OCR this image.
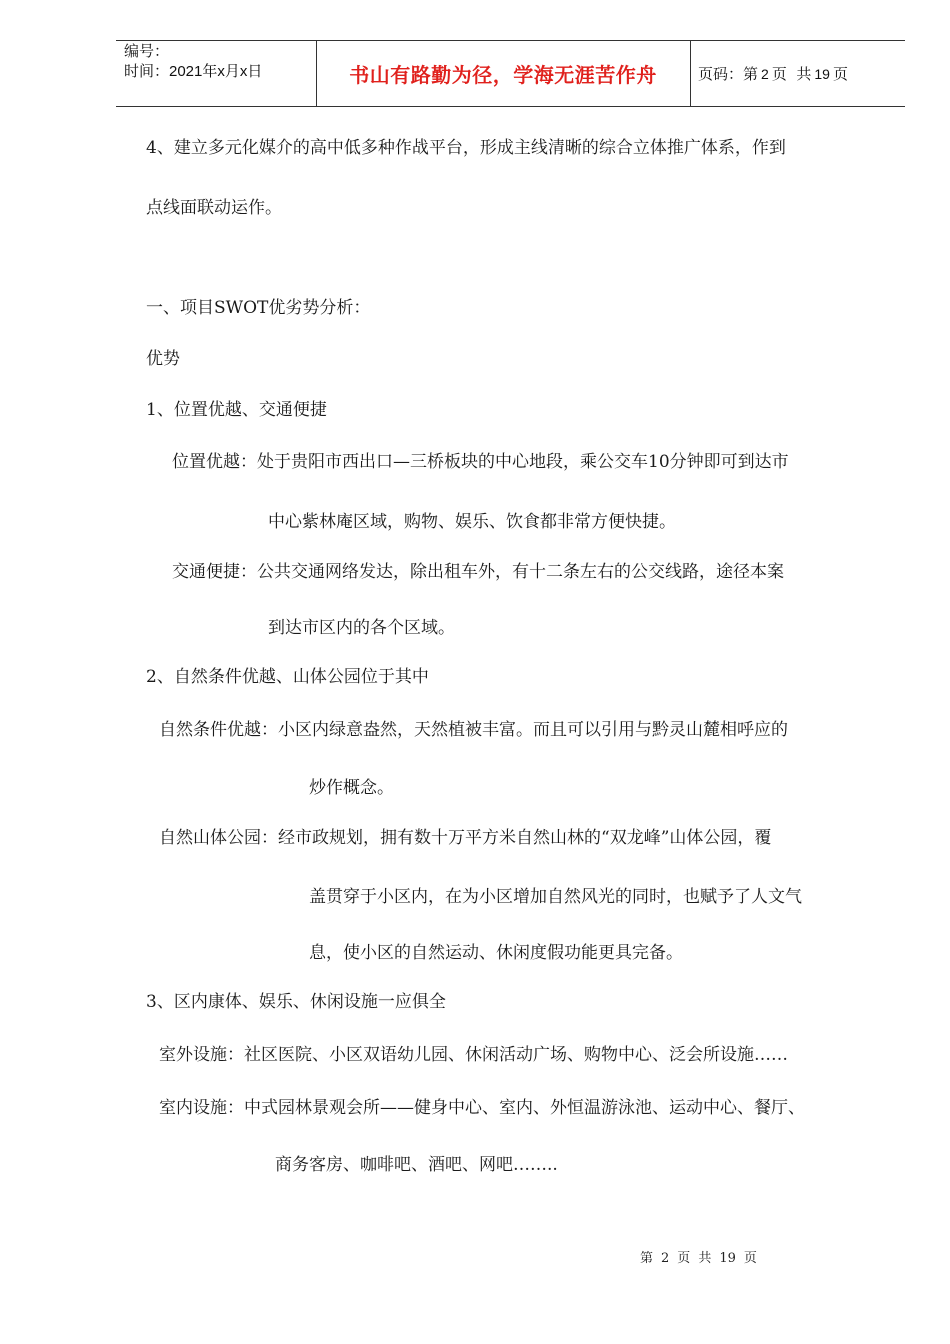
编号：
时间：2021年x月x日	书山有路勤为径，学海无涯苦作舟	页码：第 2 页  共 19 页
4、建立多元化媒介的高中低多种作战平台，形成主线清晰的综合立体推广体系，作到
点线面联动运作。
一、项目SWOT优劣势分析：
优势
1、位置优越、交通便捷
位置优越：处于贵阳市西出口—三桥板块的中心地段，乘公交车10分钟即可到达市
中心紫林庵区域，购物、娱乐、饮食都非常方便快捷。
交通便捷：公共交通网络发达，除出租车外，有十二条左右的公交线路，途径本案
到达市区内的各个区域。
2、自然条件优越、山体公园位于其中
自然条件优越：小区内绿意盎然，天然植被丰富。而且可以引用与黔灵山麓相呼应的
炒作概念。
自然山体公园：经市政规划，拥有数十万平方米自然山林的“双龙峰”山体公园，覆
盖贯穿于小区内，在为小区增加自然风光的同时，也赋予了人文气
息，使小区的自然运动、休闲度假功能更具完备。
3、区内康体、娱乐、休闲设施一应俱全
室外设施：社区医院、小区双语幼儿园、休闲活动广场、购物中心、泛会所设施……
室内设施：中式园林景观会所——健身中心、室内、外恒温游泳池、运动中心、餐厅、
商务客房、咖啡吧、酒吧、网吧……..
第 2 页 共 19 页
